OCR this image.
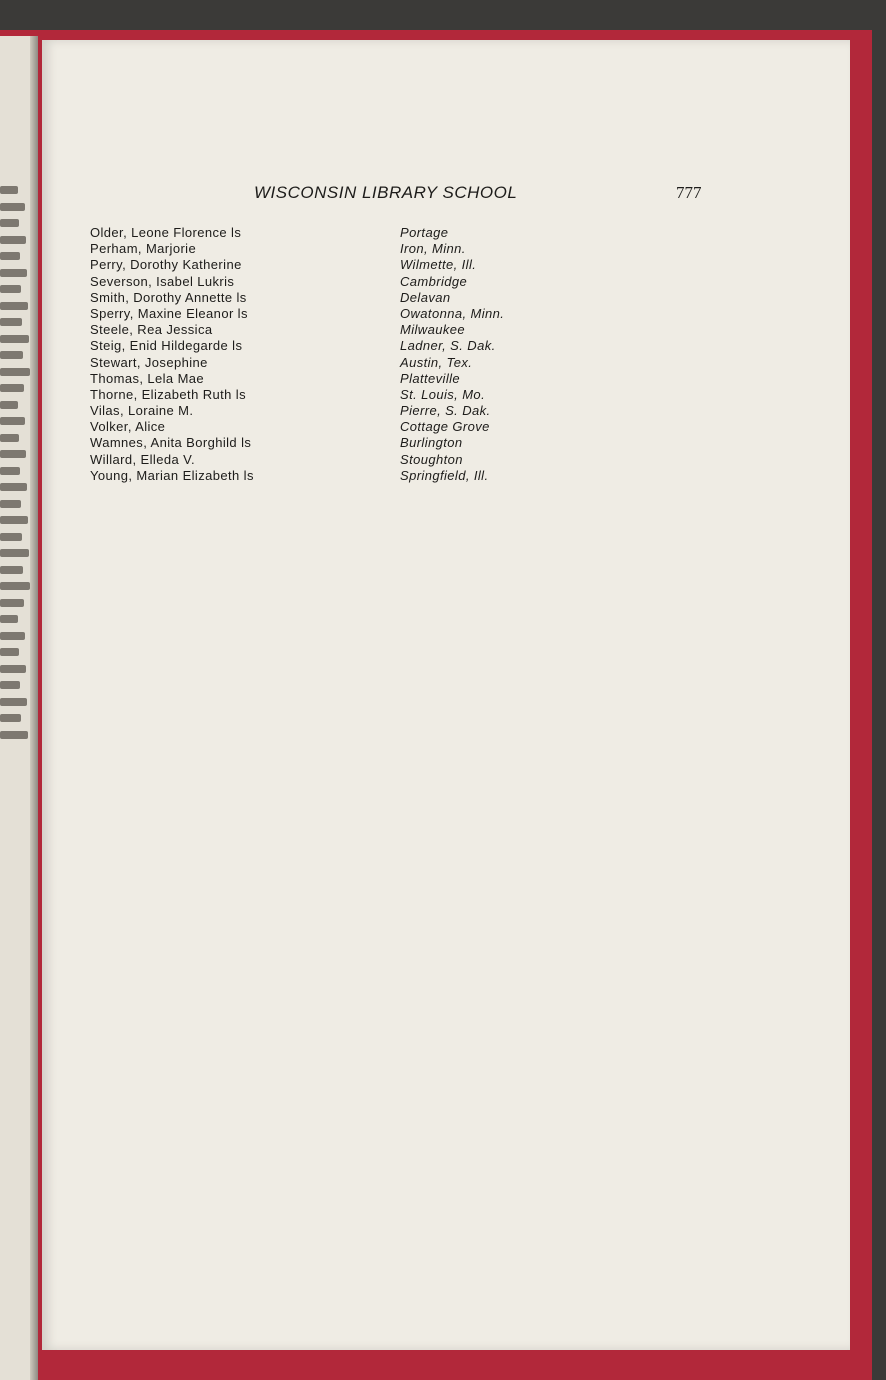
WISCONSIN LIBRARY SCHOOL	777
Older, Leone Florence ls	Portage
Perham, Marjorie	Iron, Minn.
Perry, Dorothy Katherine	Wilmette, Ill.
Severson, Isabel Lukris	Cambridge
Smith, Dorothy Annette ls	Delavan
Sperry, Maxine Eleanor ls	Owatonna, Minn.
Steele, Rea Jessica	Milwaukee
Steig, Enid Hildegarde ls	Ladner, S. Dak.
Stewart, Josephine	Austin, Tex.
Thomas, Lela Mae	Platteville
Thorne, Elizabeth Ruth ls	St. Louis, Mo.
Vilas, Loraine M.	Pierre, S. Dak.
Volker, Alice	Cottage Grove
Wamnes, Anita Borghild ls	Burlington
Willard, Elleda V.	Stoughton
Young, Marian Elizabeth ls	Springfield, Ill.
